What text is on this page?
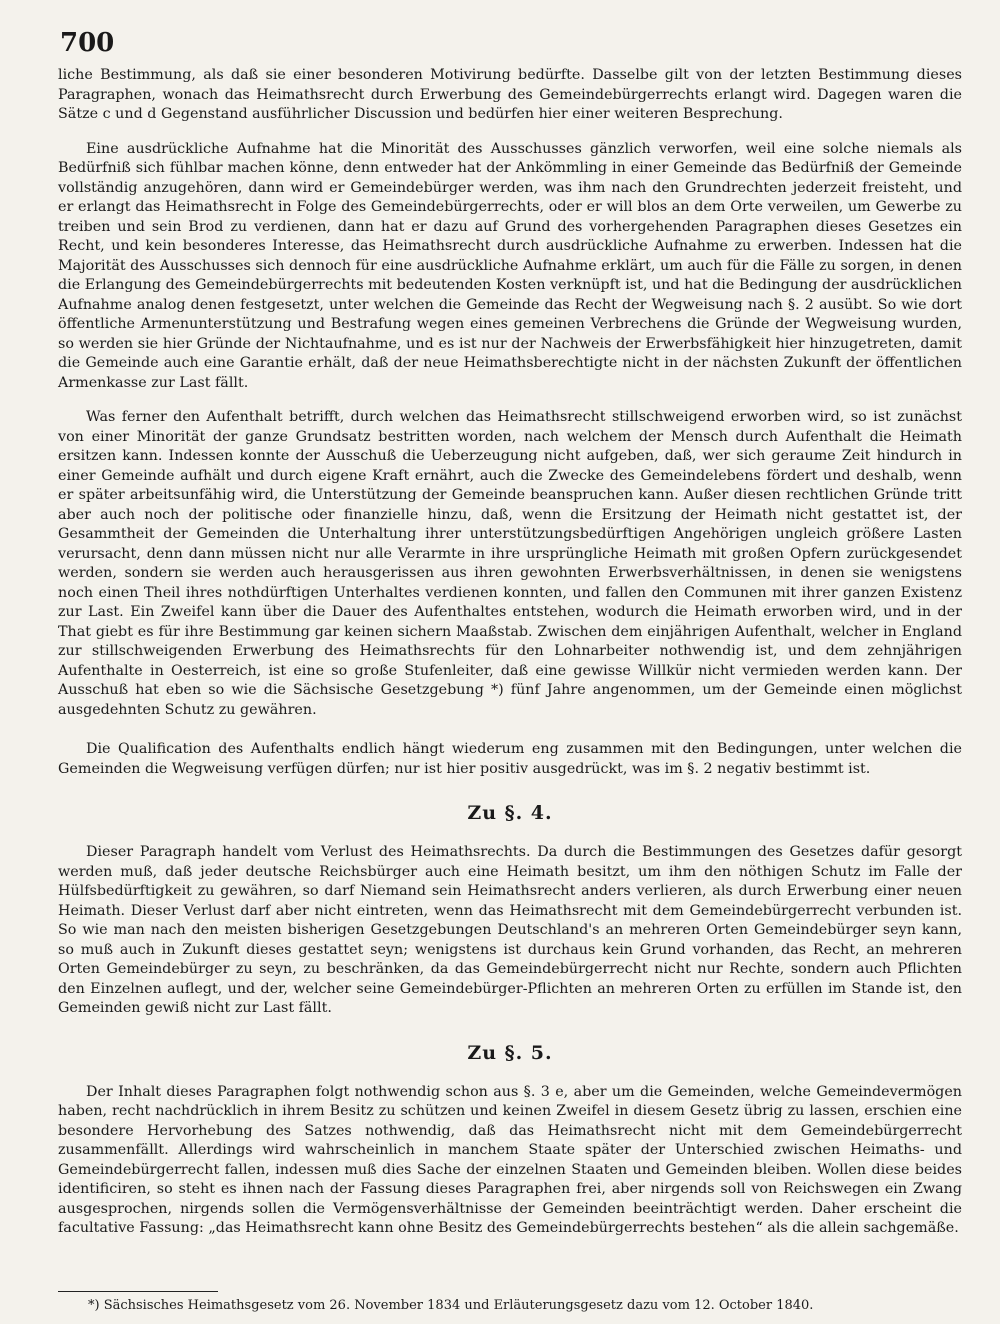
700

liche Bestimmung, als daß sie einer besonderen Motivirung bedürfte. Dasselbe gilt von der letzten Bestimmung dieses Paragraphen, wonach das Heimathsrecht durch Erwerbung des Gemeindebürgerrechts erlangt wird. Dagegen waren die Sätze c und d Gegenstand ausführlicher Discussion und bedürfen hier einer weiteren Besprechung.

Eine ausdrückliche Aufnahme hat die Minorität des Ausschusses gänzlich verworfen, weil eine solche niemals als Bedürfniß sich fühlbar machen könne, denn entweder hat der Ankömmling in einer Gemeinde das Bedürfniß der Gemeinde vollständig anzugehören, dann wird er Gemeindebürger werden, was ihm nach den Grundrechten jederzeit freisteht, und er erlangt das Heimathsrecht in Folge des Gemeindebürgerrechts, oder er will blos an dem Orte verweilen, um Gewerbe zu treiben und sein Brod zu verdienen, dann hat er dazu auf Grund des vorhergehenden Paragraphen dieses Gesetzes ein Recht, und kein besonderes Interesse, das Heimathsrecht durch ausdrückliche Aufnahme zu erwerben. Indessen hat die Majorität des Ausschusses sich dennoch für eine ausdrückliche Aufnahme erklärt, um auch für die Fälle zu sorgen, in denen die Erlangung des Gemeindebürgerrechts mit bedeutenden Kosten verknüpft ist, und hat die Bedingung der ausdrücklichen Aufnahme analog denen festgesetzt, unter welchen die Gemeinde das Recht der Wegweisung nach §. 2 ausübt. So wie dort öffentliche Armenunterstützung und Bestrafung wegen eines gemeinen Verbrechens die Gründe der Wegweisung wurden, so werden sie hier Gründe der Nichtaufnahme, und es ist nur der Nachweis der Erwerbsfähigkeit hier hinzugetreten, damit die Gemeinde auch eine Garantie erhält, daß der neue Heimathsberechtigte nicht in der nächsten Zukunft der öffentlichen Armenkasse zur Last fällt.

Was ferner den Aufenthalt betrifft, durch welchen das Heimathsrecht stillschweigend erworben wird, so ist zunächst von einer Minorität der ganze Grundsatz bestritten worden, nach welchem der Mensch durch Aufenthalt die Heimath ersitzen kann. Indessen konnte der Ausschuß die Ueberzeugung nicht aufgeben, daß, wer sich geraume Zeit hindurch in einer Gemeinde aufhält und durch eigene Kraft ernährt, auch die Zwecke des Gemeindelebens fördert und deshalb, wenn er später arbeitsunfähig wird, die Unterstützung der Gemeinde beanspruchen kann. Außer diesen rechtlichen Gründe tritt aber auch noch der politische oder finanzielle hinzu, daß, wenn die Ersitzung der Heimath nicht gestattet ist, der Gesammtheit der Gemeinden die Unterhaltung ihrer unterstützungsbedürftigen Angehörigen ungleich größere Lasten verursacht, denn dann müssen nicht nur alle Verarmte in ihre ursprüngliche Heimath mit großen Opfern zurückgesendet werden, sondern sie werden auch herausgerissen aus ihren gewohnten Erwerbsverhältnissen, in denen sie wenigstens noch einen Theil ihres nothdürftigen Unterhaltes verdienen konnten, und fallen den Communen mit ihrer ganzen Existenz zur Last. Ein Zweifel kann über die Dauer des Aufenthaltes entstehen, wodurch die Heimath erworben wird, und in der That giebt es für ihre Bestimmung gar keinen sichern Maaßstab. Zwischen dem einjährigen Aufenthalt, welcher in England zur stillschweigenden Erwerbung des Heimathsrechts für den Lohnarbeiter nothwendig ist, und dem zehnjährigen Aufenthalte in Oesterreich, ist eine so große Stufenleiter, daß eine gewisse Willkür nicht vermieden werden kann. Der Ausschuß hat eben so wie die Sächsische Gesetzgebung *) fünf Jahre angenommen, um der Gemeinde einen möglichst ausgedehnten Schutz zu gewähren.

Die Qualification des Aufenthalts endlich hängt wiederum eng zusammen mit den Bedingungen, unter welchen die Gemeinden die Wegweisung verfügen dürfen; nur ist hier positiv ausgedrückt, was im §. 2 negativ bestimmt ist.

Zu §. 4.

Dieser Paragraph handelt vom Verlust des Heimathsrechts. Da durch die Bestimmungen des Gesetzes dafür gesorgt werden muß, daß jeder deutsche Reichsbürger auch eine Heimath besitzt, um ihm den nöthigen Schutz im Falle der Hülfsbedürftigkeit zu gewähren, so darf Niemand sein Heimathsrecht anders verlieren, als durch Erwerbung einer neuen Heimath. Dieser Verlust darf aber nicht eintreten, wenn das Heimathsrecht mit dem Gemeindebürgerrecht verbunden ist. So wie man nach den meisten bisherigen Gesetzgebungen Deutschland's an mehreren Orten Gemeindebürger seyn kann, so muß auch in Zukunft dieses gestattet seyn; wenigstens ist durchaus kein Grund vorhanden, das Recht, an mehreren Orten Gemeindebürger zu seyn, zu beschränken, da das Gemeindebürgerrecht nicht nur Rechte, sondern auch Pflichten den Einzelnen auflegt, und der, welcher seine Gemeindebürger-Pflichten an mehreren Orten zu erfüllen im Stande ist, den Gemeinden gewiß nicht zur Last fällt.

Zu §. 5.

Der Inhalt dieses Paragraphen folgt nothwendig schon aus §. 3 e, aber um die Gemeinden, welche Gemeindevermögen haben, recht nachdrücklich in ihrem Besitz zu schützen und keinen Zweifel in diesem Gesetz übrig zu lassen, erschien eine besondere Hervorhebung des Satzes nothwendig, daß das Heimathsrecht nicht mit dem Gemeindebürgerrecht zusammenfällt. Allerdings wird wahrscheinlich in manchem Staate später der Unterschied zwischen Heimaths- und Gemeindebürgerrecht fallen, indessen muß dies Sache der einzelnen Staaten und Gemeinden bleiben. Wollen diese beides identificiren, so steht es ihnen nach der Fassung dieses Paragraphen frei, aber nirgends soll von Reichswegen ein Zwang ausgesprochen, nirgends sollen die Vermögensverhältnisse der Gemeinden beeinträchtigt werden. Daher erscheint die facultative Fassung: „das Heimathsrecht kann ohne Besitz des Gemeindebürgerrechts bestehen“ als die allein sachgemäße.

*) Sächsisches Heimathsgesetz vom 26. November 1834 und Erläuterungsgesetz dazu vom 12. October 1840.
